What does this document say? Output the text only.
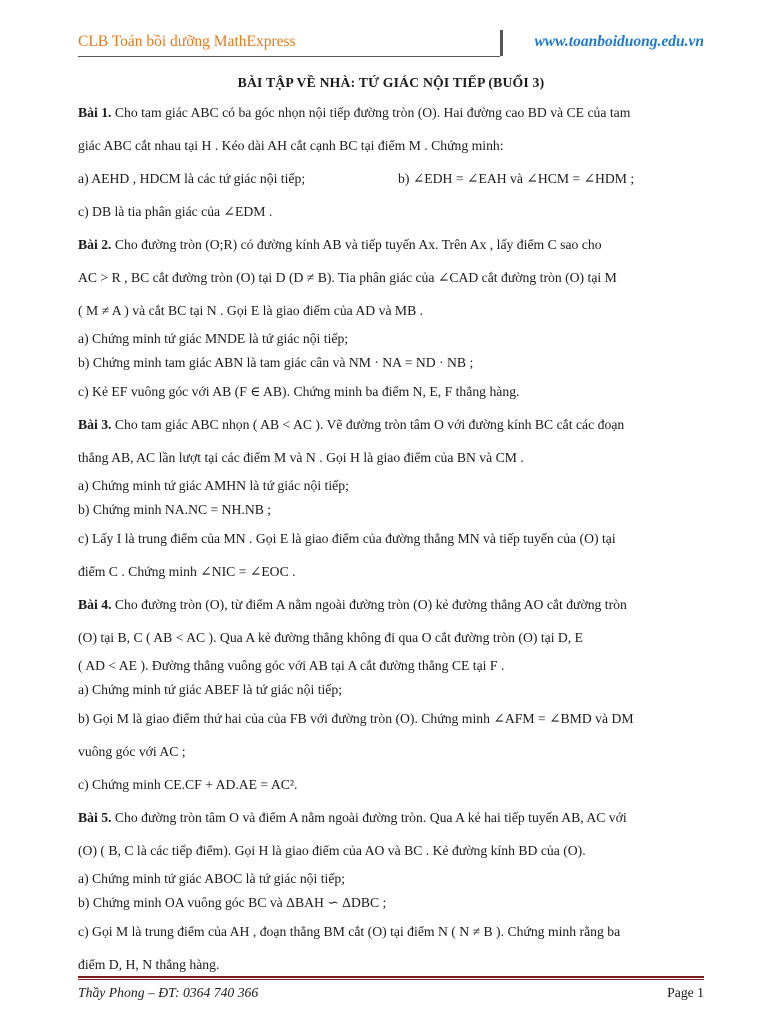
CLB Toán bồi dưỡng MathExpress	www.toanboiduong.edu.vn

BÀI TẬP VỀ NHÀ: TỨ GIÁC NỘI TIẾP (BUỔI 3)

Bài 1. Cho tam giác ABC có ba góc nhọn nội tiếp đường tròn (O). Hai đường cao BD và CE của tam

giác ABC cắt nhau tại H . Kéo dài AH cắt cạnh BC tại điểm M . Chứng minh:

a) AEHD , HDCM là các tứ giác nội tiếp;	b) ∠EDH = ∠EAH và ∠HCM = ∠HDM ;

c) DB là tia phân giác của ∠EDM .

Bài 2. Cho đường tròn (O;R) có đường kính AB và tiếp tuyến Ax. Trên Ax , lấy điểm C sao cho

AC > R , BC cắt đường tròn (O) tại D (D ≠ B). Tia phân giác của ∠CAD cắt đường tròn (O) tại M

( M ≠ A ) và cắt BC tại N . Gọi E là giao điểm của AD và MB .

a) Chứng minh tứ giác MNDE là tứ giác nội tiếp;

b) Chứng minh tam giác ABN là tam giác cân và NM · NA = ND · NB ;

c) Kẻ EF vuông góc với AB (F ∈ AB). Chứng minh ba điểm N, E, F thẳng hàng.

Bài 3. Cho tam giác ABC nhọn ( AB < AC ). Vẽ đường tròn tâm O với đường kính BC cắt các đoạn

thẳng AB, AC lần lượt tại các điểm M và N . Gọi H là giao điểm của BN và CM .

a) Chứng minh tứ giác AMHN là tứ giác nội tiếp;

b) Chứng minh NA.NC = NH.NB ;

c) Lấy I là trung điểm của MN . Gọi E là giao điểm của đường thẳng MN và tiếp tuyến của (O) tại

điểm C . Chứng minh ∠NIC = ∠EOC .

Bài 4. Cho đường tròn (O), từ điểm A nằm ngoài đường tròn (O) kẻ đường thẳng AO cắt đường tròn

(O) tại B, C ( AB < AC ). Qua A kẻ đường thẳng không đi qua O cắt đường tròn (O) tại D, E

( AD < AE ). Đường thẳng vuông góc với AB tại A cắt đường thẳng CE tại F .

a) Chứng minh tứ giác ABEF là tứ giác nội tiếp;

b) Gọi M là giao điểm thứ hai của của FB với đường tròn (O). Chứng minh ∠AFM = ∠BMD và DM

vuông góc với AC ;

c) Chứng minh CE.CF + AD.AE = AC².

Bài 5. Cho đường tròn tâm O và điểm A nằm ngoài đường tròn. Qua A kẻ hai tiếp tuyến AB, AC với

(O) ( B, C là các tiếp điểm). Gọi H là giao điểm của AO và BC . Kẻ đường kính BD của (O).

a) Chứng minh tứ giác ABOC là tứ giác nội tiếp;

b) Chứng minh OA vuông góc BC và ΔBAH ∽ ΔDBC ;

c) Gọi M là trung điểm của AH , đoạn thẳng BM cắt (O) tại điểm N ( N ≠ B ). Chứng minh rằng ba

điểm D, H, N thẳng hàng.

Thầy Phong – ĐT: 0364 740 366	Page 1
